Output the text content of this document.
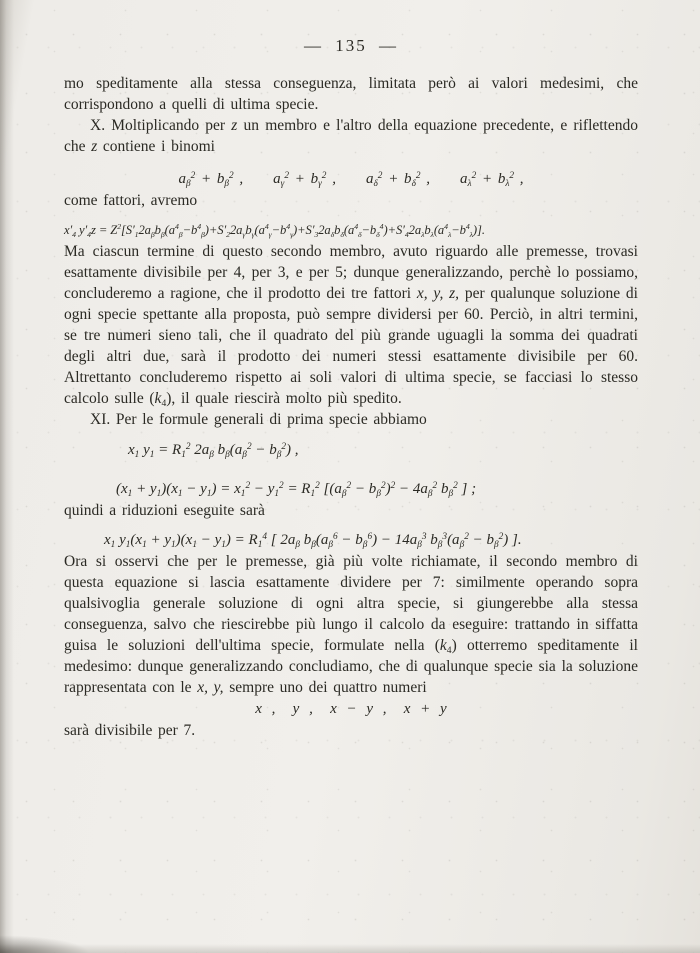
— 135 —

mo speditamente alla stessa conseguenza, limitata però ai valori medesimi, che corrispondono a quelli di ultima specie.

X. Moltiplicando per z un membro e l'altro della equazione precedente, e riflettendo che z contiene i binomi

$a_\beta^2 + b_\beta^2$ ,  $a_\gamma^2 + b_\gamma^2$ ,  $a_\delta^2 + b_\delta^2$ ,  $a_\lambda^2 + b_\lambda^2$ ,

come fattori, avremo

$x'_4$ $y'_4z = Z^2[S'_12a_\beta b_\beta(a^4_\beta-b^4_\beta)+S'_22a_\gamma b_\gamma(a^4_\gamma-b^4_\gamma)+S'_32a_\delta b_\delta(a^4_\delta-b_\delta^4)+S'_42a_\lambda b_\lambda(a^4_\lambda-b^4_\lambda)]$.

Ma ciascun termine di questo secondo membro, avuto riguardo alle premesse, trovasi esattamente divisibile per 4, per 3, e per 5; dunque generalizzando, perchè lo possiamo, concluderemo a ragione, che il prodotto dei tre fattori x, y, z, per qualunque soluzione di ogni specie spettante alla proposta, può sempre dividersi per 60. Perciò, in altri termini, se tre numeri sieno tali, che il quadrato del più grande uguagli la somma dei quadrati degli altri due, sarà il prodotto dei numeri stessi esattamente divisibile per 60. Altrettanto concluderemo rispetto ai soli valori di ultima specie, se facciasi lo stesso calcolo sulle $(k_4)$, il quale riescirà molto più spedito.

XI. Per le formule generali di prima specie abbiamo

$x_1$ $y_1 = R_1^2$ $2a_\beta$ $b_\beta(a_\beta^2 - b_\beta^2)$ ,
$(x_1 + y_1)(x_1 - y_1) = x_1^2 - y_1^2 = R_1^2$ [$(a_\beta^2 - b_\beta^2)^2 - 4a_\beta^2$ $b_\beta^2$ ] ;

quindi a riduzioni eseguite sarà

$x_1$ $y_1(x_1 + y_1)(x_1 - y_1) = R_1^4$ [ $2a_\beta$ $b_\beta(a_\beta^6 - b_\beta^6) - 14a_\beta^3$ $b_\beta^3(a_\beta^2 - b_\beta^2)$ ].

Ora si osservi che per le premesse, già più volte richiamate, il secondo membro di questa equazione si lascia esattamente dividere per 7: similmente operando sopra qualsivoglia generale soluzione di ogni altra specie, si giungerebbe alla stessa conseguenza, salvo che riescirebbe più lungo il calcolo da eseguire: trattando in siffatta guisa le soluzioni dell'ultima specie, formulate nella $(k_4)$ otterremo speditamente il medesimo: dunque generalizzando concludiamo, che di qualunque specie sia la soluzione rappresentata con le x, y, sempre uno dei quattro numeri

x ,  y ,  x − y ,  x + y

sarà divisibile per 7.
